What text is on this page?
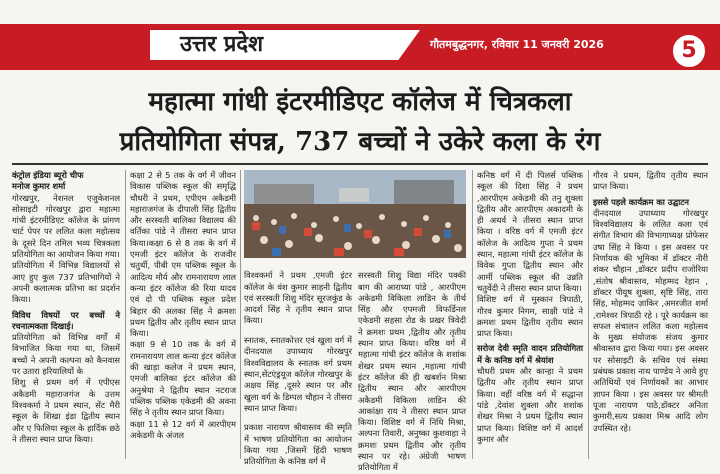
उत्तर प्रदेश	गौतमबुद्धनगर, रविवार 11 जनवरी 2026	5
महात्मा गांधी इंटरमीडिएट कॉलेज में चित्रकला
प्रतियोगिता संपन्न, 737 बच्चों ने उकेरे कला के रंग

कंट्रोल इंडिया ब्यूरो चीफ

मनोज कुमार शर्मा

गोरखपुर, नेशनल एजुकेशनल सोसाइटी गोरखपुर द्वारा महात्मा गांधी इंटरमीडिएट कॉलेज के प्रांगण चार्ट पेपर पर ललित कला महोत्सव के दूसरे दिन तमिल भव्य चित्रकला प्रतियोगिता का आयोजन किया गया।

प्रतियोगिता में विभिन्न विद्यालयों से आए हुए कुल 737 प्रतिभागियों ने अपनी कलात्मक प्रतिभा का प्रदर्शन किया।

विविध विषयों पर बच्चों ने रचनात्मकता दिखाई।

प्रतियोगिता को विभिन्न वर्गों में विभाजित किया गया था, जिसमें बच्चों ने अपनी कल्पना को कैनवास पर उतारा हरियालियों के

शिशु से प्रथम वर्ग में एपीएस अकैडमी महाराजगंज के उत्तम विश्वकर्मा ने प्रथम स्थान, सेंट मैरी स्कूल के शिखा इंडा द्वितीय स्थान और ए फिलिया स्कूल के हार्दिक छठे ने तीसरा स्थान प्राप्त किया।

कक्षा 2 से 5 तक के वर्ग में जीवन विकास पब्लिक स्कूल की समृद्धि चौधरी ने प्रथम, एपीएम अकैडमी महाराजगंज के दीपाली सिंह द्वितीय और सरस्वती बालिका विद्यालय की वर्तिका पांडे ने तीसरा स्थान प्राप्त किया।कक्षा 6 से 8 तक के वर्ग में एमजी इंटर कॉलेज के राजवीर चतुर्थी, पीबी एम पब्लिक स्कूल के आदित्य मौर्य और रामनारायण लाल कन्या इंटर कॉलेज की रिया यादव एवं दो पी पब्लिक स्कूल प्रदेश बिहार की अलका सिंह ने क्रमशः प्रथम द्वितीय और तृतीय स्थान प्राप्त किया।

कक्षा 9 से 10 तक के वर्ग में रामनारायण लाल कन्या इंटर कॉलेज की खाड़ा कलेज ने प्रथम स्थान, एमजी बालिका इंटर कॉलेज की अनुश्रेया ने द्वितीय स्थान नटराज पब्लिक पब्लिक एकेडमी की अवना सिंह ने तृतीय स्थान प्राप्त किया।

कक्षा 11 से 12 वर्ग में आरपीएम अकेडमी के अंजल

विश्वकर्मा ने प्रथम ,एमजी इंटर कॉलेज के वंश कुमार साहनी द्वितीय एवं सरस्वती शिशु मंदिर सूरजकुंड के आदर्श सिंह ने तृतीय स्थान प्राप्त किया।

स्नातक, स्नातकोत्तर एवं खुला वर्ग में दीनदयाल उपाध्याय गोरखपुर विश्वविद्यालय के स्नातक वर्ग प्रथम स्थान,सेंटएंड्रयूज कॉलेज गोरखपुर के अक्षय सिंह ,दूसरे स्थान पर और खुला वर्ग के डिम्पल चौहान ने तीसरा स्थान प्राप्त किया।

प्रकाश नारायण श्रीवास्तव की स्मृति में भाषण प्रतियोगिता का आयोजन किया गया ,जिसमें हिंदी भाषण प्रतियोगिता के कनिष्ठ वर्ग में

सरस्वती शिशु विद्या मंदिर पक्की बाग की आराध्या पांडे , आरपीएम अकेडमी विकिला लाडिन के तीर्थ सिंह और एपमजी विफर्डिनल एकेडमी सहसा रोड के प्रखर त्रिवेदी ने क्रमशः प्रथम ,द्वितीय और तृतीय स्थान प्राप्त किया। वरिष्ठ वर्ग में महात्मा गांधी इंटर कॉलेज के शशांक शेखर प्रथम स्थान ,महात्मा गांधी इंटर कॉलेज की ही खबर्शन मिश्रा द्वितीय स्थान और आरपीएम अकैडमी विकिला लाडिन की आकांक्षा राय ने तीसरा स्थान प्राप्त किया। विशिष्ट वर्ग में निधि मिश्रा, अल्पना तिवारी, अनुष्का कुशवाहा ने क्रमशः प्रथम द्वितीय और तृतीय स्थान पर रहे। अंग्रेजी भाषण प्रतियोगिता में

कनिष्ठ वर्ग में दी पिलर्स पब्लिक स्कूल की दिशा सिंह ने प्रथम ,आरपीएम अकेडमी की तनु शुक्ला द्वितीय और आरपीएम अकादमी के ही अथर्व ने तीसरा स्थान प्राप्त किया । वरिष्ठ वर्ग में एमजी इंटर कॉलेज के आदित्य गुप्ता ने प्रथम स्थान, महात्मा गांधी इंटर कॉलेज के विवेक गुप्ता द्वितीय स्थान और आर्मी पब्लिक स्कूल की उन्नति चतुर्वेदी ने तीसरा स्थान प्राप्त किया।

विशिष्ट वर्ग में मुस्कान त्रिपाठी, गौरव कुमार निगम, साक्षी पांडे ने क्रमशः प्रथम द्वितीय तृतीय स्थान प्राप्त किया।

सरोज देवी स्मृति वादन प्रतियोगिता में के कनिष्ठ वर्ग में श्रेयांश

चौधरी प्रथम और कान्हा ने प्रथम द्वितीय और तृतीय स्थान प्राप्त किया। वहीं वरिष्ठ वर्ग में सद्धान्त पांडे ,देवांश शुक्ला और शशांक शेखर मिश्रा ने प्रथम द्वितीय स्थान प्राप्त किया। विशिष्ट वर्ग में आदर्श कुमार और

गौरव ने प्रथम, द्वितीय तृतीय स्थान प्राप्त किया।

इससे पहले कार्यक्रम का उद्घाटन

दीनदयाल उपाध्याय गोरखपुर विश्वविद्यालय के ललित कला एवं संगीत विभाग की विभागाध्यक्ष प्रोफेसर उषा सिंह ने किया । इस अवसर पर निर्णायक की भूमिका में डॉक्टर नीरी शंकर चौहान ,डॉक्टर प्रदीप राजोरिया ,संतोष श्रीवास्तव, मोहम्मद रेहान , डॉक्टर पीयूष शुक्ला, सृष्टि सिंह, तारा सिंह, मोहम्मद ज़ाकिर ,अमरजीत शर्मा ,रामेश्वर त्रिपाठी रहे । पूरे कार्यक्रम का सफल संचालन ललित कला महोत्सव के मुख्य संयोजक संजय कुमार श्रीवास्तव द्वारा किया गया। इस अवसर पर सोसाइटी के सचिव एवं संस्था प्रबंधक प्रकाश नाथ पाण्डेय ने आये हुए अतिथियों एवं निर्णायकों का आभार ज्ञापन किया । इस अवसर पर श्रीमती पूजा नारायण पाठे,डॉक्टर अनिता कुमारी,सत्य प्रकाश मिश्र आदि लोग उपस्थित रहे।
